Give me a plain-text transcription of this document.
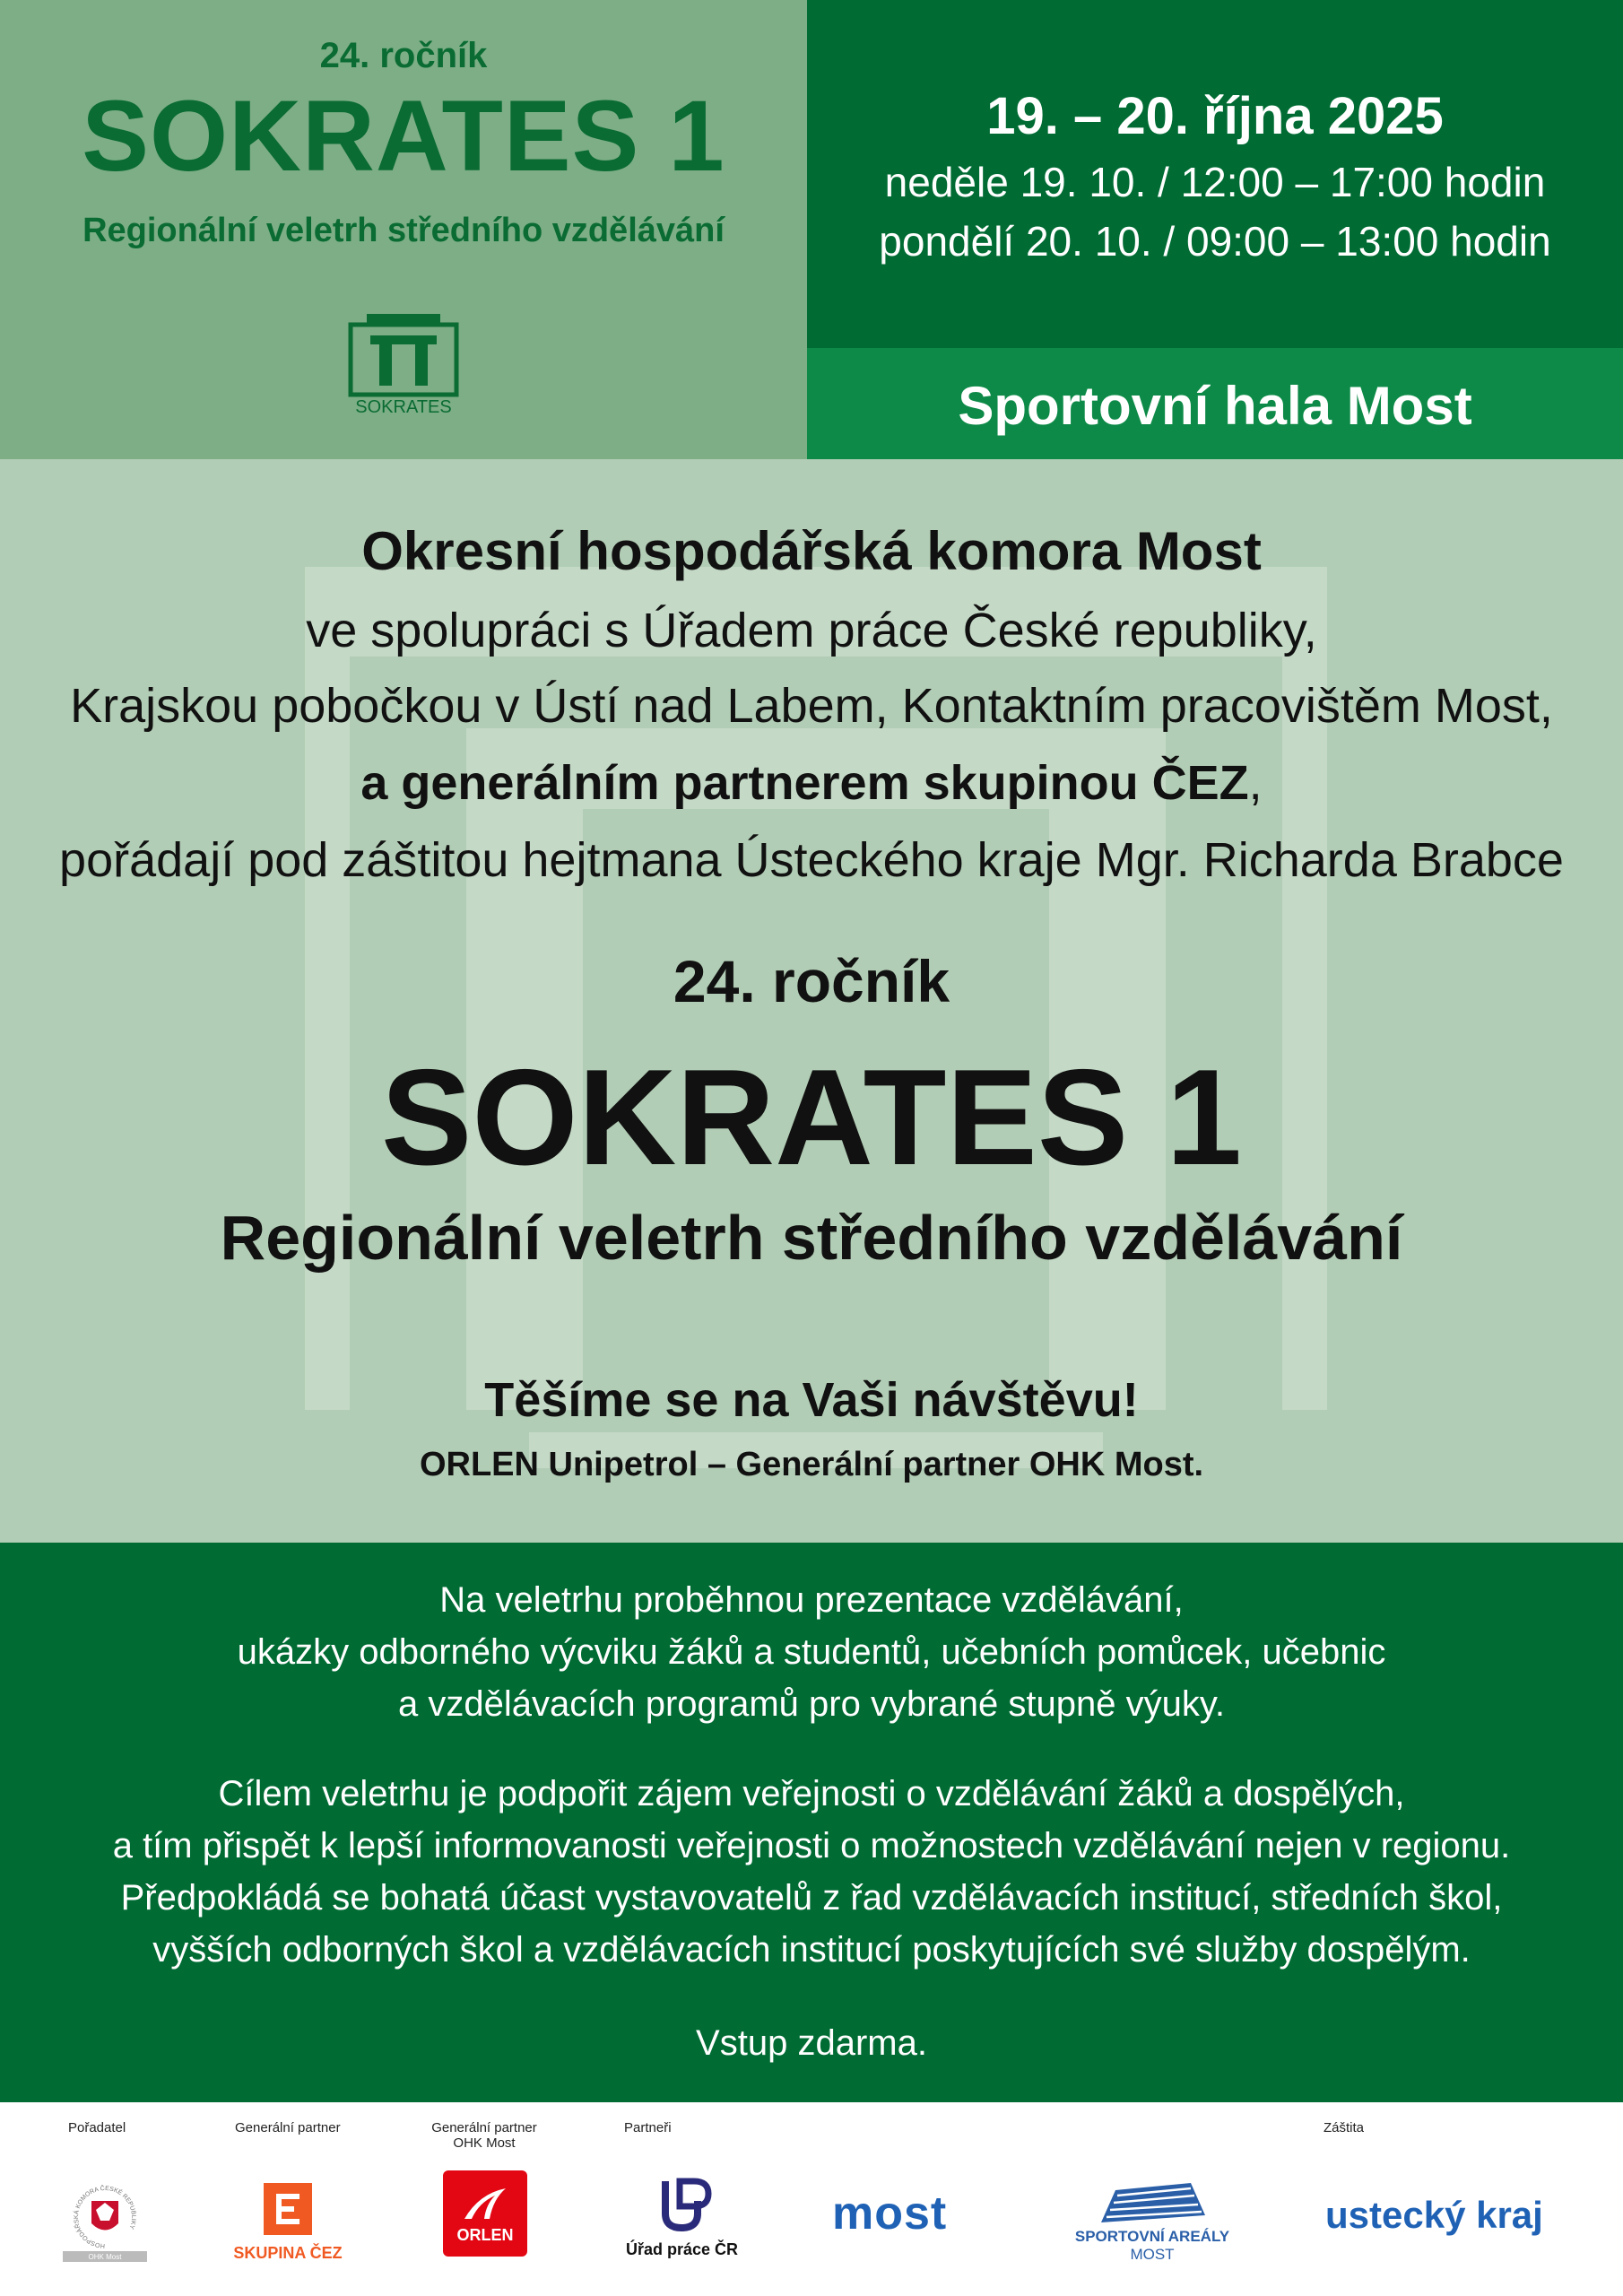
24. ročník
SOKRATES 1
Regionální veletrh středního vzdělávání
SOKRATES
19. – 20. října 2025
neděle 19. 10. / 12:00 – 17:00 hodin
pondělí 20. 10. / 09:00 – 13:00 hodin
Sportovní hala Most
Okresní hospodářská komora Most
ve spolupráci s Úřadem práce České republiky,
Krajskou pobočkou v Ústí nad Labem, Kontaktním pracovištěm Most,
a generálním partnerem skupinou ČEZ,
pořádají pod záštitou hejtmana Ústeckého kraje Mgr. Richarda Brabce
24. ročník
SOKRATES 1
Regionální veletrh středního vzdělávání
Těšíme se na Vaši návštěvu!
ORLEN Unipetrol – Generální partner OHK Most.
Na veletrhu proběhnou prezentace vzdělávání,
ukázky odborného výcviku žáků a studentů, učebních pomůcek, učebnic
a vzdělávacích programů pro vybrané stupně výuky.
Cílem veletrhu je podpořit zájem veřejnosti o vzdělávání žáků a dospělých,
a tím přispět k lepší informovanosti veřejnosti o možnostech vzdělávání nejen v regionu.
Předpokládá se bohatá účast vystavovatelů z řad vzdělávacích institucí, středních škol,
vyšších odborných škol a vzdělávacích institucí poskytujících své služby dospělým.
Vstup zdarma.
Pořadatel	Generální partner	Generální partner
OHK Most
Partneři	Záštita
HOSPODÁŘSKÁ KOMORA ČESKÉ REPUBLIKY
OHK Most	SKUPINA ČEZ
ORLEN
Úřad práce ČR
most	SPORTOVNÍ AREÁLY
MOST
ustecký kraj
